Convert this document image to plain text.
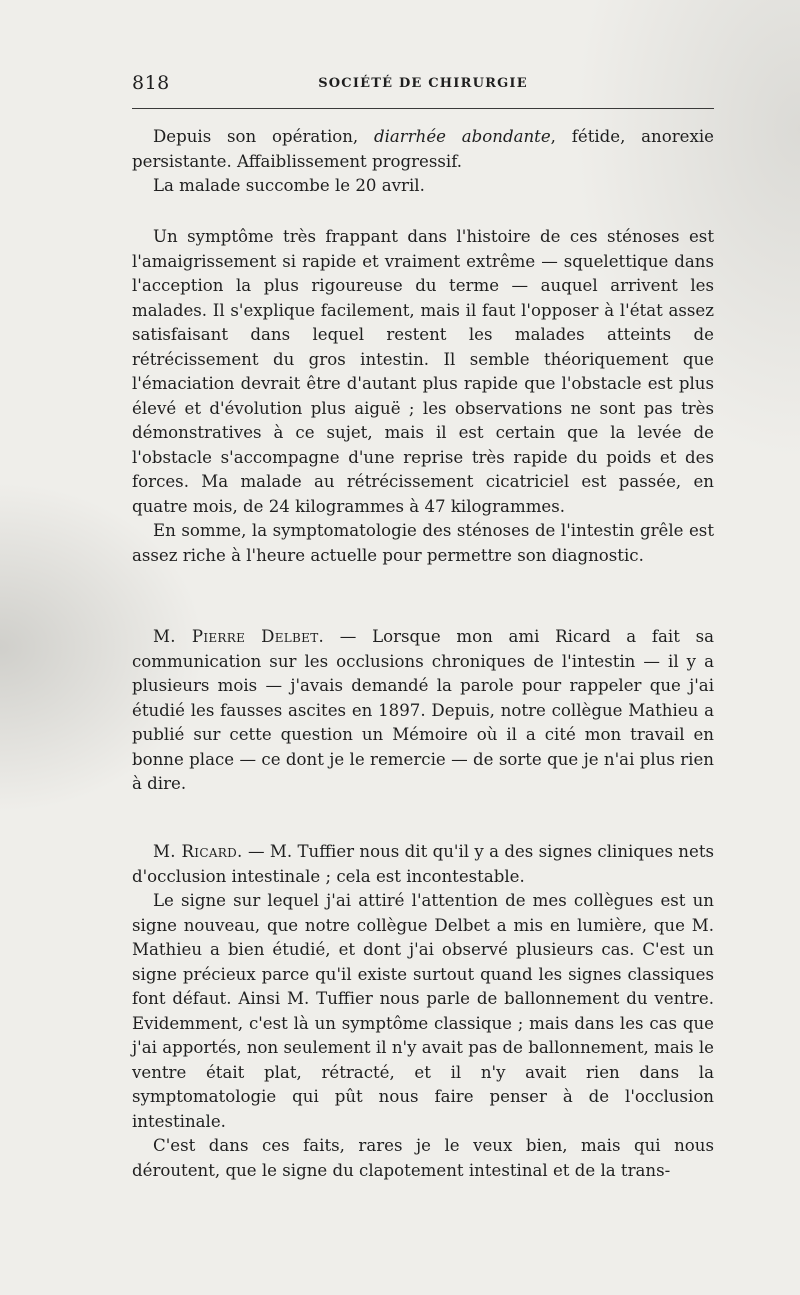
818	SOCIÉTÉ DE CHIRURGIE

Depuis son opération, diarrhée abondante, fétide, anorexie persistante. Affaiblissement progressif.

La malade succombe le 20 avril.

Un symptôme très frappant dans l'histoire de ces sténoses est l'amaigrissement si rapide et vraiment extrême — squelettique dans l'acception la plus rigoureuse du terme — auquel arrivent les malades. Il s'explique facilement, mais il faut l'opposer à l'état assez satisfaisant dans lequel restent les malades atteints de rétrécissement du gros intestin. Il semble théoriquement que l'émaciation devrait être d'autant plus rapide que l'obstacle est plus élevé et d'évolution plus aiguë ; les observations ne sont pas très démonstratives à ce sujet, mais il est certain que la levée de l'obstacle s'accompagne d'une reprise très rapide du poids et des forces. Ma malade au rétrécissement cicatriciel est passée, en quatre mois, de 24 kilogrammes à 47 kilogrammes.

En somme, la symptomatologie des sténoses de l'intestin grêle est assez riche à l'heure actuelle pour permettre son diagnostic.

M. Pierre Delbet. — Lorsque mon ami Ricard a fait sa communication sur les occlusions chroniques de l'intestin — il y a plusieurs mois — j'avais demandé la parole pour rappeler que j'ai étudié les fausses ascites en 1897. Depuis, notre collègue Mathieu a publié sur cette question un Mémoire où il a cité mon travail en bonne place — ce dont je le remercie — de sorte que je n'ai plus rien à dire.

M. Ricard. — M. Tuffier nous dit qu'il y a des signes cliniques nets d'occlusion intestinale ; cela est incontestable.

Le signe sur lequel j'ai attiré l'attention de mes collègues est un signe nouveau, que notre collègue Delbet a mis en lumière, que M. Mathieu a bien étudié, et dont j'ai observé plusieurs cas. C'est un signe précieux parce qu'il existe surtout quand les signes classiques font défaut. Ainsi M. Tuffier nous parle de ballonnement du ventre. Evidemment, c'est là un symptôme classique ; mais dans les cas que j'ai apportés, non seulement il n'y avait pas de ballonnement, mais le ventre était plat, rétracté, et il n'y avait rien dans la symptomatologie qui pût nous faire penser à de l'occlusion intestinale.

C'est dans ces faits, rares je le veux bien, mais qui nous déroutent, que le signe du clapotement intestinal et de la trans-
